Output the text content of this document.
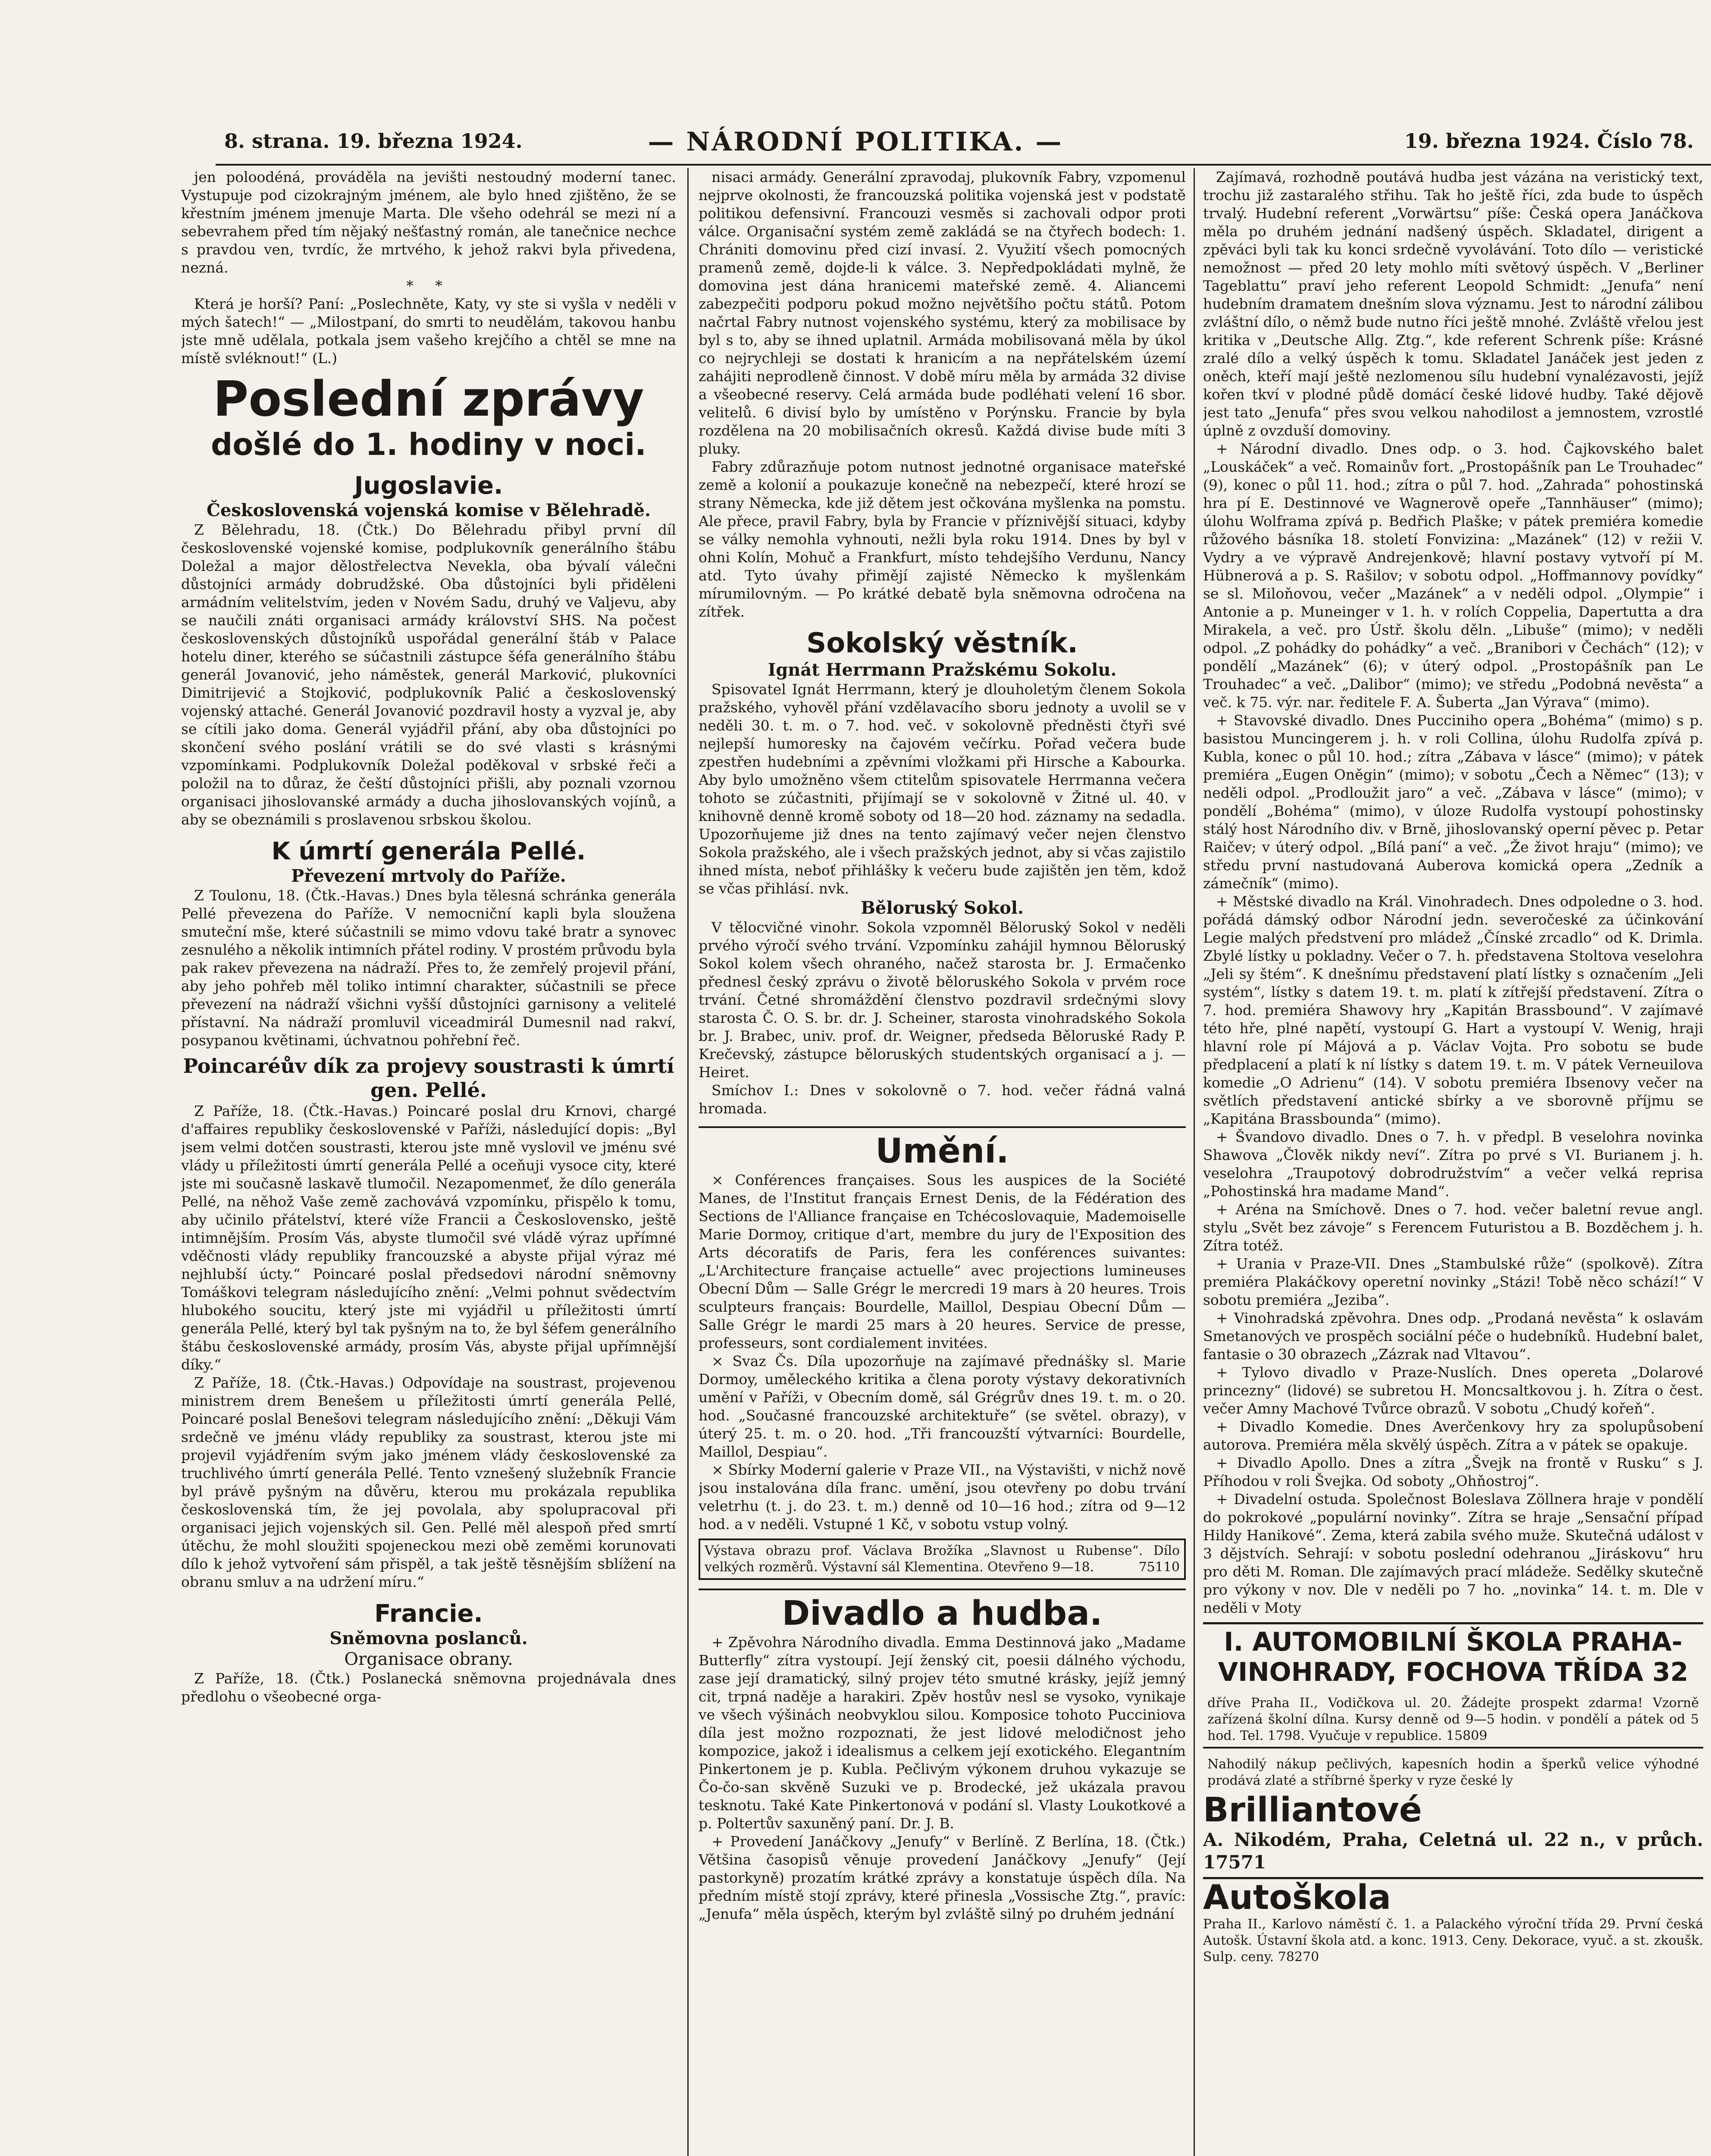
8. strana. 19. března 1924.	— NÁRODNÍ POLITIKA. —	19. března 1924. Číslo 78.

jen poloodéná, prováděla na jevišti nestoudný moderní tanec. Vystupuje pod cizokrajným jménem, ale bylo hned zjištěno, že se křestním jménem jmenuje Marta. Dle všeho odehrál se mezi ní a sebevrahem před tím nějaký nešťastný román, ale tanečnice nechce s pravdou ven, tvrdíc, že mrtvého, k jehož rakvi byla přivedena, nezná.

* *

Která je horší? Paní: „Poslechněte, Katy, vy ste si vyšla v neděli v mých šatech!“ — „Milostpaní, do smrti to neudělám, takovou hanbu jste mně udělala, potkala jsem vašeho krejčího a chtěl se mne na místě svléknout!“ (L.)

Poslední zprávy

došlé do 1. hodiny v noci.

Jugoslavie.

Československá vojenská komise v Bělehradě.

Z Bělehradu, 18. (Čtk.) Do Bělehradu přibyl první díl československé vojenské komise, podplukovník generálního štábu Doležal a major dělostřelectva Nevekla, oba bývalí válečni důstojníci armády dobrudžské. Oba důstojníci byli přiděleni armádním velitelstvím, jeden v Novém Sadu, druhý ve Valjevu, aby se naučili znáti organisaci armády království SHS. Na počest československých důstojníků uspořádal generální štáb v Palace hotelu diner, kterého se súčastnili zástupce šéfa generálního štábu generál Jovanović, jeho náměstek, generál Marković, plukovníci Dimitrijević a Stojković, podplukovník Palić a československý vojenský attaché. Generál Jovanović pozdravil hosty a vyzval je, aby se cítili jako doma. Generál vyjádřil přání, aby oba důstojníci po skončení svého poslání vrátili se do své vlasti s krásnými vzpomínkami. Podplukovník Doležal poděkoval v srbské řeči a položil na to důraz, že čeští důstojníci přišli, aby poznali vzornou organisaci jihoslovanské armády a ducha jihoslovanských vojínů, a aby se obeznámili s proslavenou srbskou školou.

K úmrtí generála Pellé.

Převezení mrtvoly do Paříže.

Z Toulonu, 18. (Čtk.-Havas.) Dnes byla tělesná schránka generála Pellé převezena do Paříže. V nemocniční kapli byla sloužena smuteční mše, které súčastnili se mimo vdovu také bratr a synovec zesnulého a několik intimních přátel rodiny. V prostém průvodu byla pak rakev převezena na nádraží. Přes to, že zemřelý projevil přání, aby jeho pohřeb měl toliko intimní charakter, súčastnili se přece převezení na nádraží všichni vyšší důstojníci garnisony a velitelé přístavní. Na nádraží promluvil viceadmirál Dumesnil nad rakví, posypanou květinami, úchvatnou pohřební řeč.

Poincaréův dík za projevy soustrasti k úmrtí gen. Pellé.

Z Paříže, 18. (Čtk.-Havas.) Poincaré poslal dru Krnovi, chargé d'affaires republiky československé v Paříži, následující dopis: „Byl jsem velmi dotčen soustrasti, kterou jste mně vyslovil ve jménu své vlády u příležitosti úmrtí generála Pellé a oceňuji vysoce city, které jste mi současně laskavě tlumočil. Nezapomenmeť, že dílo generála Pellé, na něhož Vaše země zachovává vzpomínku, přispělo k tomu, aby učinilo přátelství, které víže Francii a Československo, ještě intimnějším. Prosím Vás, abyste tlumočil své vládě výraz upřímné vděčnosti vlády republiky francouzské a abyste přijal výraz mé nejhlubší úcty.“ Poincaré poslal předsedovi národní sněmovny Tomáškovi telegram následujícího znění: „Velmi pohnut svědectvím hlubokého soucitu, který jste mi vyjádřil u příležitosti úmrtí generála Pellé, který byl tak pyšným na to, že byl šéfem generálního štábu československé armády, prosím Vás, abyste přijal upřímnější díky.“

Z Paříže, 18. (Čtk.-Havas.) Odpovídaje na soustrast, projevenou ministrem drem Benešem u příležitosti úmrtí generála Pellé, Poincaré poslal Benešovi telegram následujícího znění: „Děkuji Vám srdečně ve jménu vlády republiky za soustrast, kterou jste mi projevil vyjádřením svým jako jménem vlády československé za truchlivého úmrtí generála Pellé. Tento vznešený služebník Francie byl právě pyšným na důvěru, kterou mu prokázala republika československá tím, že jej povolala, aby spolupracoval při organisaci jejich vojenských sil. Gen. Pellé měl alespoň před smrtí útěchu, že mohl sloužiti spojeneckou mezi obě zeměmi korunovati dílo k jehož vytvoření sám přispěl, a tak ještě těsnějším sblížení na obranu smluv a na udržení míru.“

Francie.

Sněmovna poslanců.

Organisace obrany.

Z Paříže, 18. (Čtk.) Poslanecká sněmovna projednávala dnes předlohu o všeobecné orga-

nisaci armády. Generální zpravodaj, plukovník Fabry, vzpomenul nejprve okolnosti, že francouzská politika vojenská jest v podstatě politikou defensivní. Francouzi vesměs si zachovali odpor proti válce. Organisační systém země zakládá se na čtyřech bodech: 1. Chrániti domovinu před cizí invasí. 2. Využití všech pomocných pramenů země, dojde-li k válce. 3. Nepředpokládati mylně, že domovina jest dána hranicemi mateřské země. 4. Aliancemi zabezpečiti podporu pokud možno největšího počtu států. Potom načrtal Fabry nutnost vojenského systému, který za mobilisace by byl s to, aby se ihned uplatnil. Armáda mobilisovaná měla by úkol co nejrychleji se dostati k hranicím a na nepřátelském území zahájiti neprodleně činnost. V době míru měla by armáda 32 divise a všeobecné reservy. Celá armáda bude podléhati velení 16 sbor. velitelů. 6 divisí bylo by umístěno v Porýnsku. Francie by byla rozdělena na 20 mobilisačních okresů. Každá divise bude míti 3 pluky.

Fabry zdůrazňuje potom nutnost jednotné organisace mateřské země a kolonií a poukazuje konečně na nebezpečí, které hrozí se strany Německa, kde již dětem jest očkována myšlenka na pomstu. Ale přece, pravil Fabry, byla by Francie v příznivější situaci, kdyby se války nemohla vyhnouti, nežli byla roku 1914. Dnes by byl v ohni Kolín, Mohuč a Frankfurt, místo tehdejšího Verdunu, Nancy atd. Tyto úvahy přimějí zajisté Německo k myšlenkám mírumilovným. — Po krátké debatě byla sněmovna odročena na zítřek.

Sokolský věstník.

Ignát Herrmann Pražskému Sokolu.

Spisovatel Ignát Herrmann, který je dlouholetým členem Sokola pražského, vyhověl přání vzdělavacího sboru jednoty a uvolil se v neděli 30. t. m. o 7. hod. več. v sokolovně předněsti čtyři své nejlepší humoresky na čajovém večírku. Pořad večera bude zpestřen hudebními a zpěvními vložkami při Hirsche a Kabourka. Aby bylo umožněno všem ctitelům spisovatele Herrmanna večera tohoto se zúčastniti, přijímají se v sokolovně v Žitné ul. 40. v knihovně denně kromě soboty od 18—20 hod. záznamy na sedadla. Upozorňujeme již dnes na tento zajímavý večer nejen členstvo Sokola pražského, ale i všech pražských jednot, aby si včas zajistilo ihned místa, neboť přihlášky k večeru bude zajištěn jen těm, kdož se včas přihlásí. nvk.

Běloruský Sokol.

V tělocvičné vinohr. Sokola vzpomněl Běloruský Sokol v neděli prvého výročí svého trvání. Vzpomínku zahájil hymnou Běloruský Sokol kolem všech ohraného, načež starosta br. J. Ermačenko přednesl český zprávu o životě běloruského Sokola v prvém roce trvání. Četné shromáždění členstvo pozdravil srdečnými slovy starosta Č. O. S. br. dr. J. Scheiner, starosta vinohradského Sokola br. J. Brabec, univ. prof. dr. Weigner, předseda Běloruské Rady P. Krečevský, zástupce běloruských studentských organisací a j. — Heiret.

Smíchov I.: Dnes v sokolovně o 7. hod. večer řádná valná hromada.

Umění.

× Conférences françaises. Sous les auspices de la Société Manes, de l'Institut français Ernest Denis, de la Fédération des Sections de l'Alliance française en Tchécoslovaquie, Mademoiselle Marie Dormoy, critique d'art, membre du jury de l'Exposition des Arts décoratifs de Paris, fera les conférences suivantes: „L'Architecture française actuelle“ avec projections lumineuses Obecní Dům — Salle Grégr le mercredi 19 mars à 20 heures. Trois sculpteurs français: Bourdelle, Maillol, Despiau Obecní Dům — Salle Grégr le mardi 25 mars à 20 heures. Service de presse, professeurs, sont cordialement invitées.

× Svaz Čs. Díla upozorňuje na zajímavé přednášky sl. Marie Dormoy, uměleckého kritika a člena poroty výstavy dekorativních umění v Paříži, v Obecním domě, sál Grégrův dnes 19. t. m. o 20. hod. „Současné francouzské architektuře“ (se světel. obrazy), v úterý 25. t. m. o 20. hod. „Tři francouzští výtvarníci: Bourdelle, Maillol, Despiau“.

× Sbírky Moderní galerie v Praze VII., na Výstavišti, v nichž nově jsou instalována díla franc. umění, jsou otevřeny po dobu trvání veletrhu (t. j. do 23. t. m.) denně od 10—16 hod.; zítra od 9—12 hod. a v neděli. Vstupné 1 Kč, v sobotu vstup volný.

Výstava obrazu prof. Václava Brožíka „Slavnost u Rubense“. Dílo velkých rozměrů. Výstavní sál Klementina. Otevřeno 9—18.	75110

Divadlo a hudba.

+ Zpěvohra Národního divadla. Emma Destinnová jako „Madame Butterfly“ zítra vystoupí. Její ženský cit, poesii dálného východu, zase její dramatický, silný projev této smutné krásky, jejíž jemný cit, trpná naděje a harakiri. Zpěv hostův nesl se vysoko, vynikaje ve všech výšinách neobvyklou silou. Komposice tohoto Pucciniova díla jest možno rozpoznati, že jest lidové melodičnost jeho kompozice, jakož i idealismus a celkem její exotického. Elegantním Pinkertonem je p. Kubla. Pečlivým výkonem druhou vykazuje se Čo-čo-san skvěně Suzuki ve p. Brodecké, jež ukázala pravou tesknotu. Také Kate Pinkertonová v podání sl. Vlasty Loukotkové a p. Poltertův saxuněný paní. Dr. J. B.

+ Provedení Janáčkovy „Jenufy“ v Berlíně. Z Berlína, 18. (Čtk.) Většina časopisů věnuje provedení Janáčkovy „Jenufy“ (Její pastorkyně) prozatím krátké zprávy a konstatuje úspěch díla. Na předním místě stojí zprávy, které přinesla „Vossische Ztg.“, pravíc: „Jenufa“ měla úspěch, kterým byl zvláště silný po druhém jednání

Zajímavá, rozhodně poutává hudba jest vázána na veristický text, trochu již zastaralého střihu. Tak ho ještě říci, zda bude to úspěch trvalý. Hudební referent „Vorwärtsu“ píše: Česká opera Janáčkova měla po druhém jednání nadšený úspěch. Skladatel, dirigent a zpěváci byli tak ku konci srdečně vyvolávání. Toto dílo — veristické nemožnost — před 20 lety mohlo míti světový úspěch. V „Berliner Tageblattu“ praví jeho referent Leopold Schmidt: „Jenufa“ není hudebním dramatem dnešním slova významu. Jest to národní zálibou zvláštní dílo, o němž bude nutno říci ještě mnohé. Zvláště vřelou jest kritika v „Deutsche Allg. Ztg.“, kde referent Schrenk píše: Krásné zralé dílo a velký úspěch k tomu. Skladatel Janáček jest jeden z oněch, kteří mají ještě nezlomenou sílu hudební vynalézavosti, jejíž kořen tkví v plodné půdě domácí české lidové hudby. Také dějově jest tato „Jenufa“ přes svou velkou nahodilost a jemnostem, vzrostlé úplně z ovzduší domoviny.

+ Národní divadlo. Dnes odp. o 3. hod. Čajkovského balet „Louskáček“ a več. Romainův fort. „Prostopášník pan Le Trouhadec“ (9), konec o půl 11. hod.; zítra o půl 7. hod. „Zahrada“ pohostinská hra pí E. Destinnové ve Wagnerově opeře „Tannhäuser“ (mimo); úlohu Wolframa zpívá p. Bedřich Plaške; v pátek premiéra komedie růžového básníka 18. století Fonvizina: „Mazánek“ (12) v režii V. Vydry a ve výpravě Andrejenkově; hlavní postavy vytvoří pí M. Hübnerová a p. S. Rašilov; v sobotu odpol. „Hoffmannovy povídky“ se sl. Miloňovou, večer „Mazánek“ a v neděli odpol. „Olympie“ i Antonie a p. Muneinger v 1. h. v rolích Coppelia, Dapertutta a dra Mirakela, a več. pro Ústř. školu děln. „Libuše“ (mimo); v neděli odpol. „Z pohádky do pohádky“ a več. „Branibori v Čechách“ (12); v pondělí „Mazánek“ (6); v úterý odpol. „Prostopášník pan Le Trouhadec“ a več. „Dalibor“ (mimo); ve středu „Podobná nevěsta“ a več. k 75. výr. nar. ředitele F. A. Šuberta „Jan Výrava“ (mimo).

+ Stavovské divadlo. Dnes Pucciniho opera „Bohéma“ (mimo) s p. basistou Muncingerem j. h. v roli Collina, úlohu Rudolfa zpívá p. Kubla, konec o půl 10. hod.; zítra „Zábava v lásce“ (mimo); v pátek premiéra „Eugen Oněgin“ (mimo); v sobotu „Čech a Němec“ (13); v neděli odpol. „Prodloužit jaro“ a več. „Zábava v lásce“ (mimo); v pondělí „Bohéma“ (mimo), v úloze Rudolfa vystoupí pohostinsky stálý host Národního div. v Brně, jihoslovanský operní pěvec p. Petar Raičev; v úterý odpol. „Bílá paní“ a več. „Že život hraju“ (mimo); ve středu první nastudovaná Auberova komická opera „Zedník a zámečník“ (mimo).

+ Městské divadlo na Král. Vinohradech. Dnes odpoledne o 3. hod. pořádá dámský odbor Národní jedn. severočeské za účinkování Legie malých předstvení pro mládež „Čínské zrcadlo“ od K. Drimla. Zbylé lístky u pokladny. Večer o 7. h. představena Stoltova veselohra „Jeli sy štém“. K dnešnímu představení platí lístky s označením „Jeli systém“, lístky s datem 19. t. m. platí k zítřejší představení. Zítra o 7. hod. premiéra Shawovy hry „Kapitán Brassbound“. V zajímavé této hře, plné napětí, vystoupí G. Hart a vystoupí V. Wenig, hraji hlavní role pí Májová a p. Václav Vojta. Pro sobotu se bude předplacení a platí k ní lístky s datem 19. t. m. V pátek Verneuilova komedie „O Adrienu“ (14). V sobotu premiéra Ibsenovy večer na světlích představení antické sbírky a ve sborovně příjmu se „Kapitána Brassbounda“ (mimo).

+ Švandovo divadlo. Dnes o 7. h. v předpl. B veselohra novinka Shawova „Člověk nikdy neví“. Zítra po prvé s VI. Burianem j. h. veselohra „Traupotový dobrodružstvím“ a večer velká reprisa „Pohostinská hra madame Mand“.

+ Aréna na Smíchově. Dnes o 7. hod. večer baletní revue angl. stylu „Svět bez závoje“ s Ferencem Futuristou a B. Bozděchem j. h. Zítra totéž.

+ Urania v Praze-VII. Dnes „Stambulské růže“ (spolkově). Zítra premiéra Plakáčkovy operetní novinky „Stázi! Tobě něco schází!“ V sobotu premiéra „Jeziba“.

+ Vinohradská zpěvohra. Dnes odp. „Prodaná nevěsta“ k oslavám Smetanových ve prospěch sociální péče o hudebníků. Hudební balet, fantasie o 30 obrazech „Zázrak nad Vltavou“.

+ Tylovo divadlo v Praze-Nuslích. Dnes opereta „Dolarové princezny“ (lidové) se subretou H. Moncsaltkovou j. h. Zítra o čest. večer Amny Machové Tvůrce obrazů. V sobotu „Chudý kořeň“.

+ Divadlo Komedie. Dnes Averčenkovy hry za spolupůsobení autorova. Premiéra měla skvělý úspěch. Zítra a v pátek se opakuje.

+ Divadlo Apollo. Dnes a zítra „Švejk na frontě v Rusku“ s J. Příhodou v roli Švejka. Od soboty „Ohňostroj“.

+ Divadelní ostuda. Společnost Boleslava Zöllnera hraje v pondělí do pokrokové „populární novinky“. Zítra se hraje „Sensační případ Hildy Hanikové“. Zema, která zabila svého muže. Skutečná událost v 3 dějstvích. Sehrají: v sobotu poslední odehranou „Jiráskovu“ hru pro děti M. Roman. Dle zajímavých prací mládeže. Sedělky skutečně pro výkony v nov. Dle v neděli po 7 ho. „novinka“ 14. t. m. Dle v neděli v Moty

I. AUTOMOBILNÍ ŠKOLA PRAHA-VINOHRADY, FOCHOVA TŘÍDA 32

dříve Praha II., Vodičkova ul. 20. Žádejte prospekt zdarma! Vzorně zařízená školní dílna. Kursy denně od 9—5 hodin. v pondělí a pátek od 5 hod. Tel. 1798. Vyučuje v republice. 15809

Nahodilý nákup pečlivých, kapesních hodin a šperků velice výhodné prodává zlaté a stříbrné šperky v ryze české ly

Brilliantové

A. Nikodém, Praha, Celetná ul. 22 n., v průch. 17571

Autoškola

Praha II., Karlovo náměstí č. 1. a Palackého výroční třída 29. První česká Autošk. Ústavní škola atd. a konc. 1913. Ceny. Dekorace, vyuč. a st. zkoušk. Sulp. ceny. 78270
